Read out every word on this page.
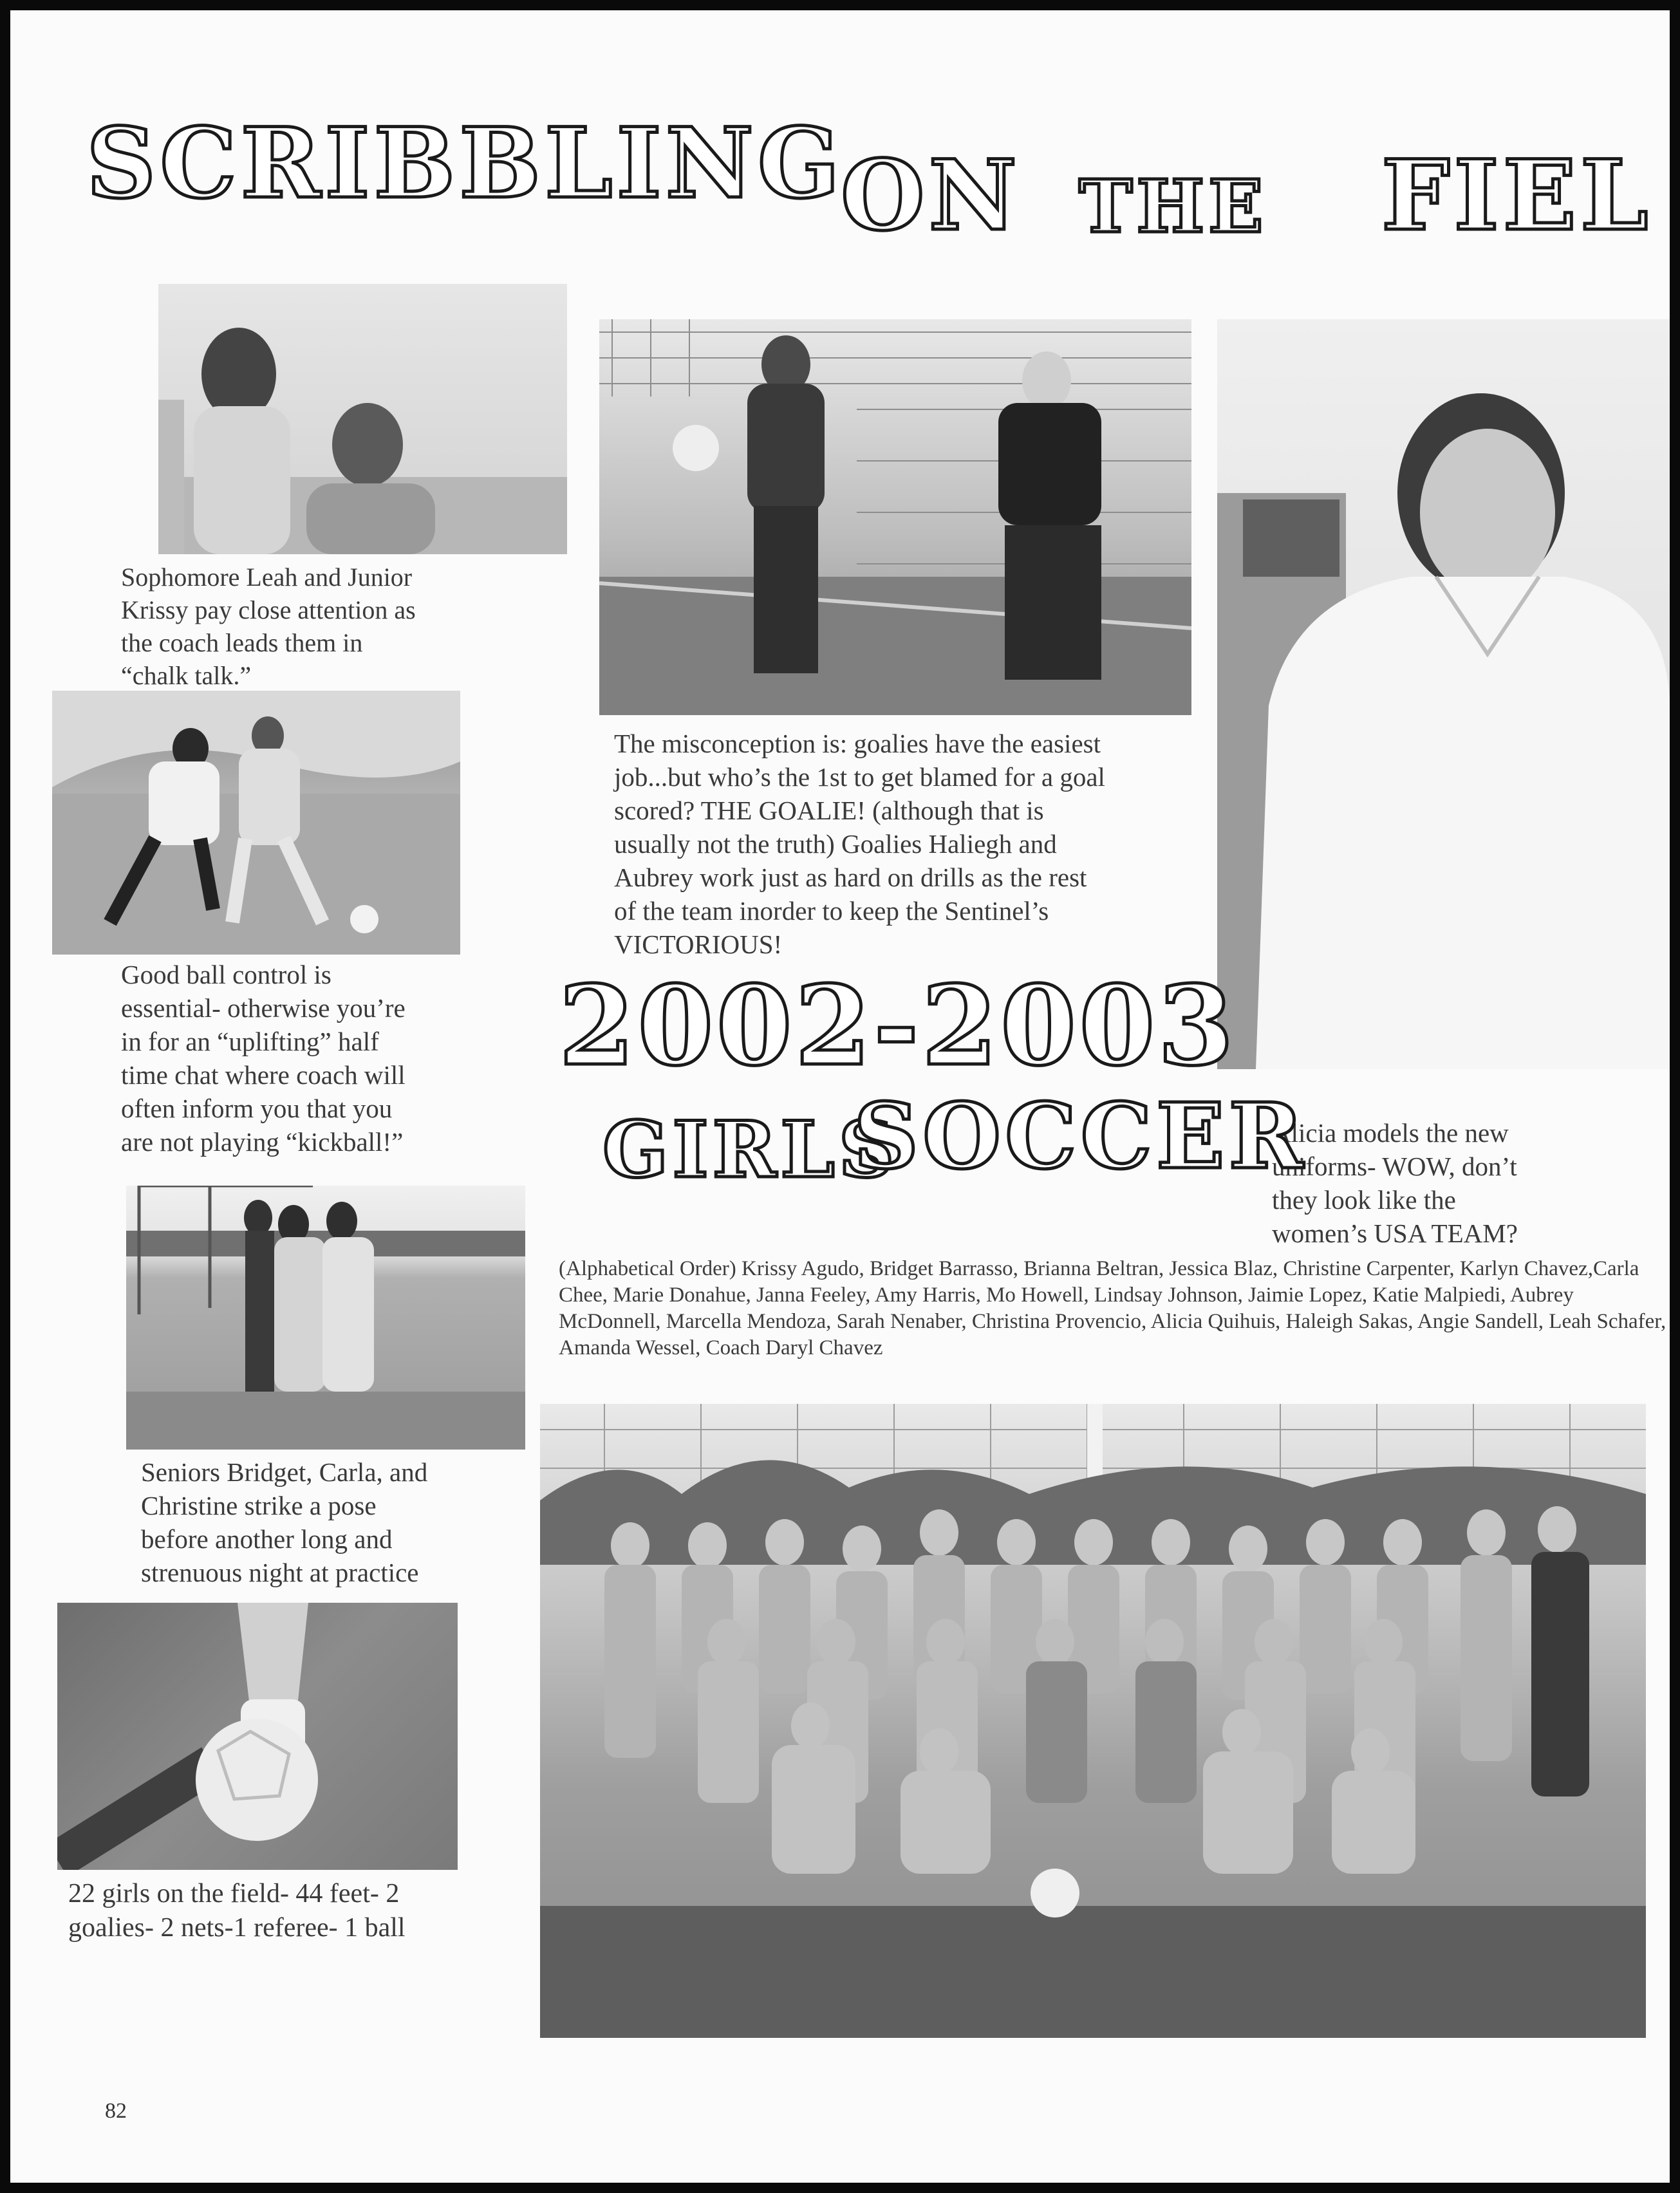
SCRIBBLING
ON THE FIEL
Sophomore Leah and Junior
Krissy pay close attention as
the coach leads them in
“chalk talk.”
The misconception is: goalies have the easiest
job...but who’s the 1st to get blamed for a goal
scored? THE GOALIE! (although that is
usually not the truth) Goalies Haliegh and
Aubrey work just as hard on drills as the rest
of the team inorder to keep the Sentinel’s
VICTORIOUS!
Alicia models the new
uniforms- WOW, don’t
they look like the
women’s USA TEAM?
Good ball control is
essential- otherwise you’re
in for an “uplifting” half
time chat where coach will
often inform you that you
are not playing “kickball!”
2002-2003
GIRLS
SOCCER
(Alphabetical Order) Krissy Agudo, Bridget Barrasso, Brianna Beltran, Jessica Blaz, Christine Carpenter, Karlyn Chavez,Carla Chee, Marie Donahue, Janna Feeley, Amy Harris, Mo Howell, Lindsay Johnson, Jaimie Lopez, Katie Malpiedi, Aubrey McDonnell, Marcella Mendoza, Sarah Nenaber, Christina Provencio, Alicia Quihuis, Haleigh Sakas, Angie Sandell, Leah Schafer, Amanda Wessel, Coach Daryl Chavez
Seniors Bridget, Carla, and
Christine strike a pose
before another long and
strenuous night at practice
22 girls on the field- 44 feet- 2
goalies- 2 nets-1 referee- 1 ball
82
